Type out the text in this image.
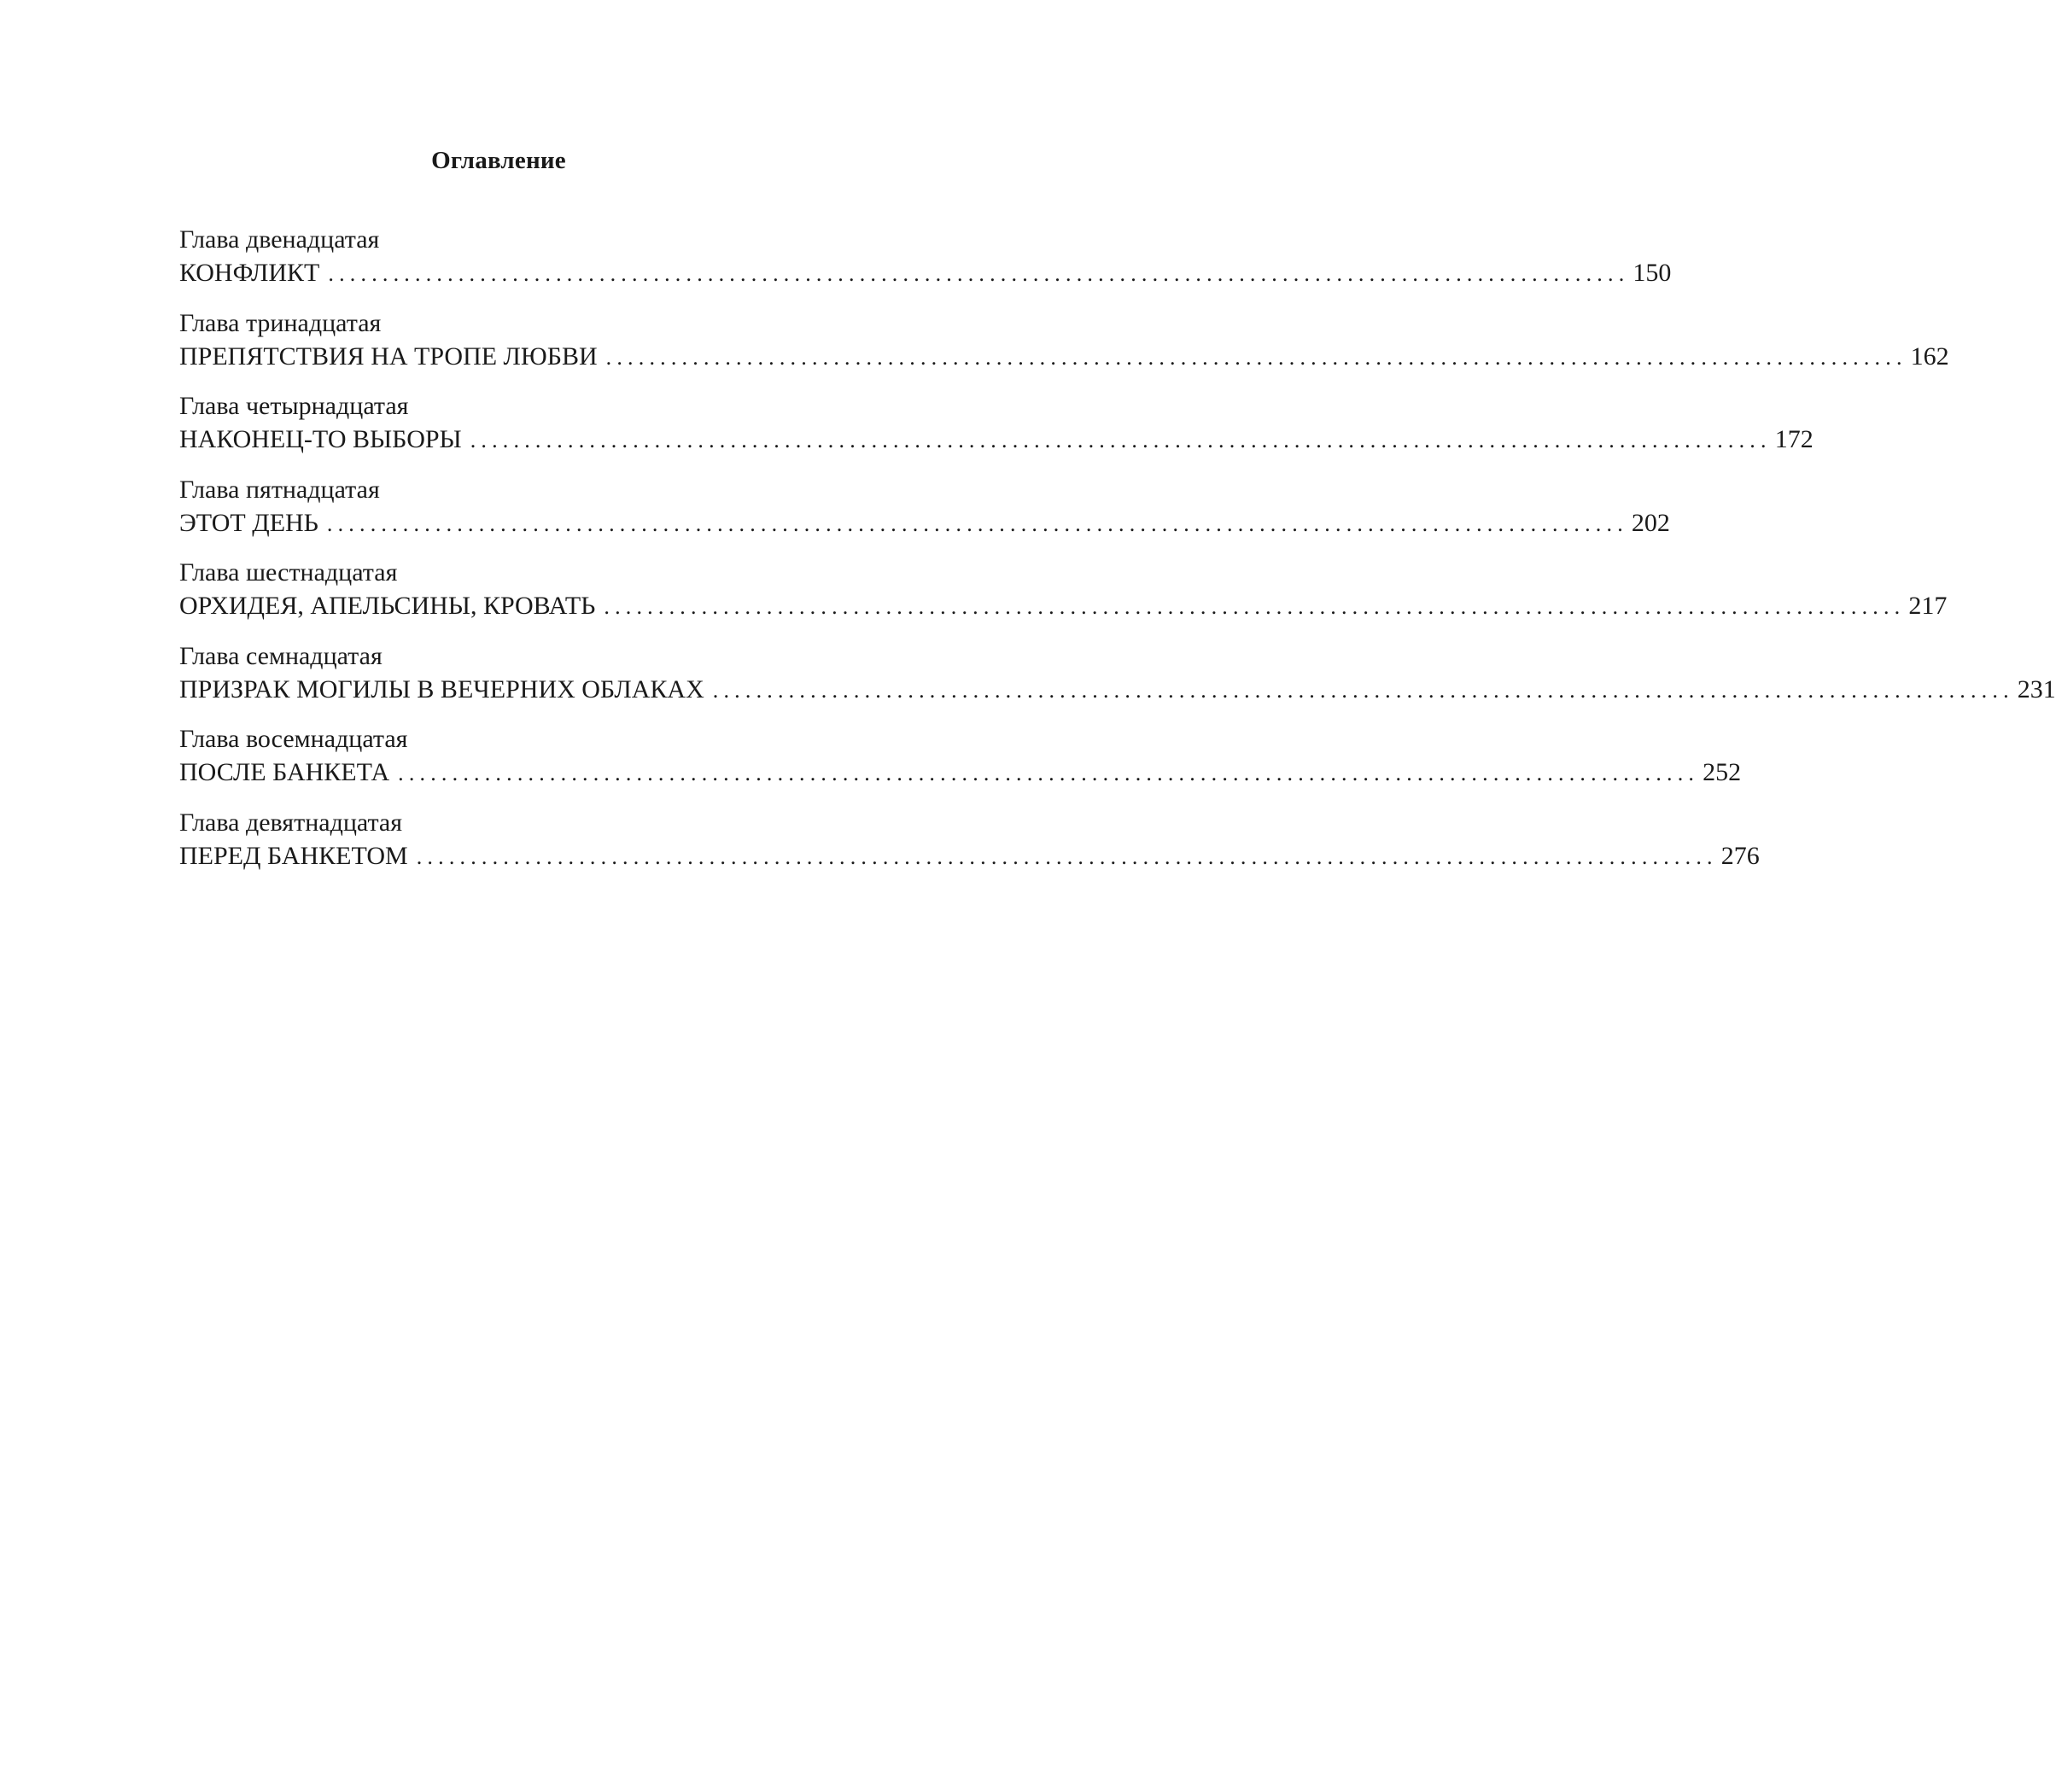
Оглавление
Глава двенадцатая
КОНФЛИКТ ........................................................................................................................ 150
Глава тринадцатая
ПРЕПЯТСТВИЯ НА ТРОПЕ ЛЮБВИ ........................................................................................................................ 162
Глава четырнадцатая
НАКОНЕЦ-ТО ВЫБОРЫ ........................................................................................................................ 172
Глава пятнадцатая
ЭТОТ ДЕНЬ ........................................................................................................................ 202
Глава шестнадцатая
ОРХИДЕЯ, АПЕЛЬСИНЫ, КРОВАТЬ ........................................................................................................................ 217
Глава семнадцатая
ПРИЗРАК МОГИЛЫ В ВЕЧЕРНИХ ОБЛАКАХ ........................................................................................................................ 231
Глава восемнадцатая
ПОСЛЕ БАНКЕТА ........................................................................................................................ 252
Глава девятнадцатая
ПЕРЕД БАНКЕТОМ ........................................................................................................................ 276
